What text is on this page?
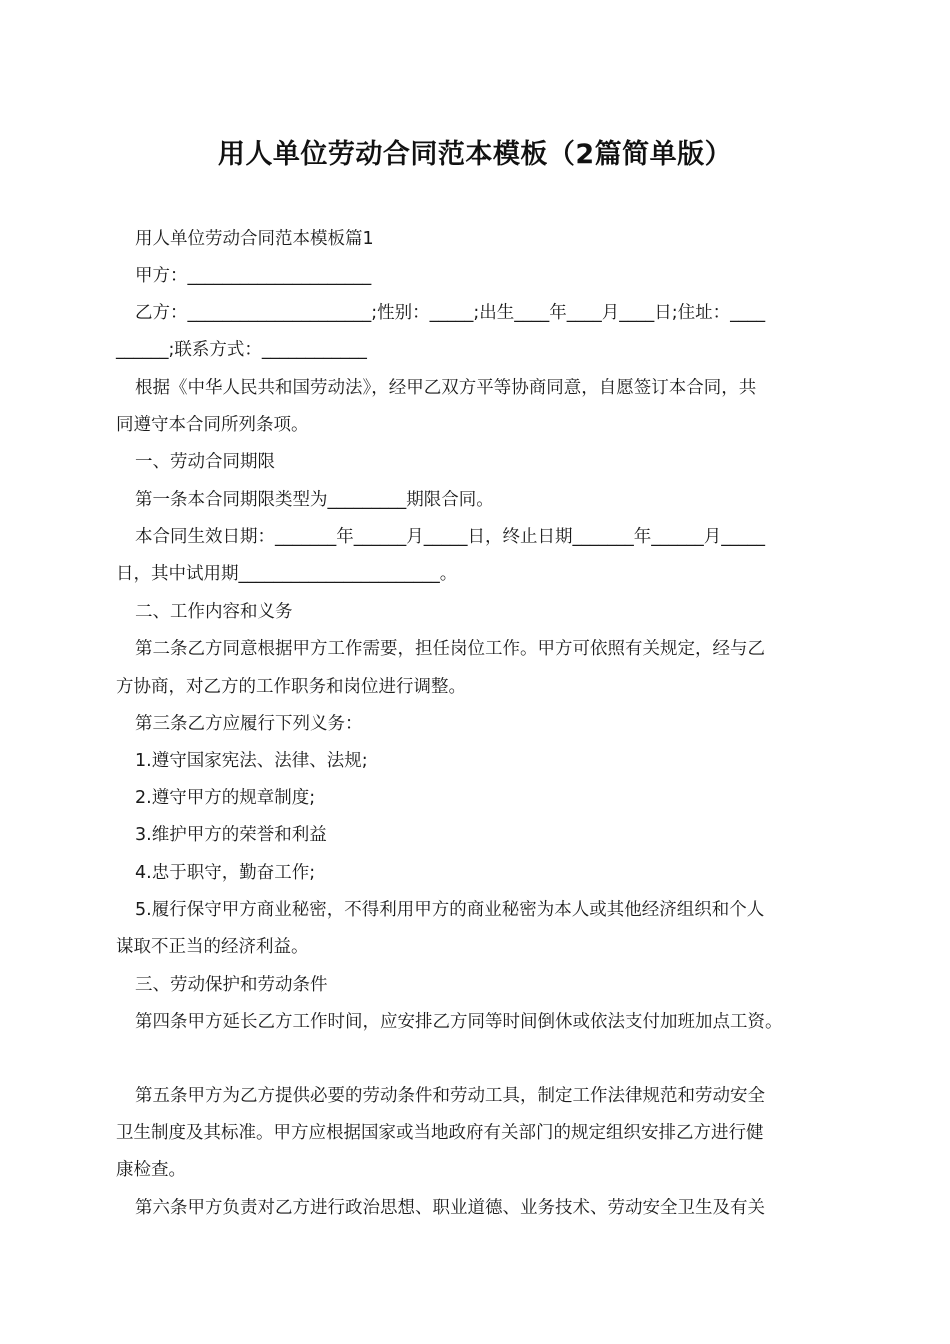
用人单位劳动合同范本模板（2篇简单版）
用人单位劳动合同范本模板篇1
甲方：_____________________
乙方：_____________________;性别：_____;出生____年____月____日;住址：____
______;联系方式：____________
根据《中华人民共和国劳动法》，经甲乙双方平等协商同意，自愿签订本合同，共
同遵守本合同所列条项。
一、劳动合同期限
第一条本合同期限类型为_________期限合同。
本合同生效日期：_______年______月_____日，终止日期_______年______月_____
日，其中试用期_______________________。
二、工作内容和义务
第二条乙方同意根据甲方工作需要，担任岗位工作。甲方可依照有关规定，经与乙
方协商，对乙方的工作职务和岗位进行调整。
第三条乙方应履行下列义务：
1.遵守国家宪法、法律、法规;
2.遵守甲方的规章制度;
3.维护甲方的荣誉和利益
4.忠于职守，勤奋工作;
5.履行保守甲方商业秘密，不得利用甲方的商业秘密为本人或其他经济组织和个人
谋取不正当的经济利益。
三、劳动保护和劳动条件
第四条甲方延长乙方工作时间，应安排乙方同等时间倒休或依法支付加班加点工资。
第五条甲方为乙方提供必要的劳动条件和劳动工具，制定工作法律规范和劳动安全
卫生制度及其标准。甲方应根据国家或当地政府有关部门的规定组织安排乙方进行健
康检查。
第六条甲方负责对乙方进行政治思想、职业道德、业务技术、劳动安全卫生及有关
